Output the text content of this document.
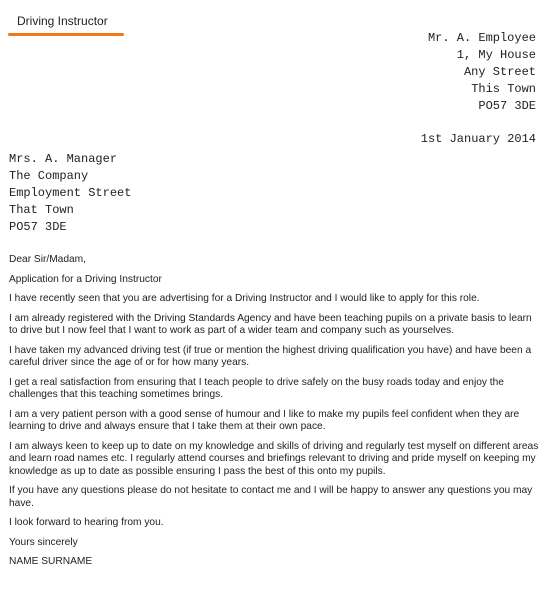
Driving Instructor
Mr. A. Employee
1, My House
Any Street
This Town
PO57 3DE
1st January 2014
Mrs. A. Manager
The Company
Employment Street
That Town
PO57 3DE

Dear Sir/Madam,

Application for a Driving Instructor

I have recently seen that you are advertising for a Driving Instructor and I would like to apply for this role.

I am already registered with the Driving Standards Agency and have been teaching pupils on a private basis to learn to drive but I now feel that I want to work as part of a wider team and company such as yourselves.

I have taken my advanced driving test (if true or mention the highest driving qualification you have) and have been a careful driver since the age of or for how many years.

I get a real satisfaction from ensuring that I teach people to drive safely on the busy roads today and enjoy the challenges that this teaching sometimes brings.

I am a very patient person with a good sense of humour and I like to make my pupils feel confident when they are learning to drive and always ensure that I take them at their own pace.

I am always keen to keep up to date on my knowledge and skills of driving and regularly test myself on different areas and learn road names etc. I regularly attend courses and briefings relevant to driving and pride myself on keeping my knowledge as up to date as possible ensuring I pass the best of this onto my pupils.

If you have any questions please do not hesitate to contact me and I will be happy to answer any questions you may have.

I look forward to hearing from you.

Yours sincerely

NAME SURNAME
